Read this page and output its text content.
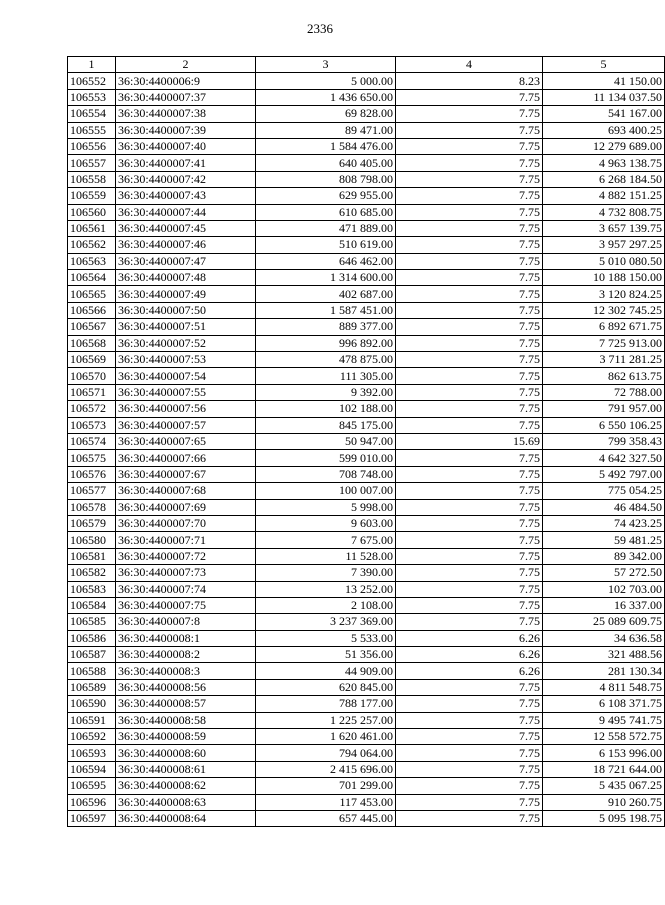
2336
1	2	3	4	5
106552	36:30:4400006:9	5 000.00	8.23	41 150.00
106553	36:30:4400007:37	1 436 650.00	7.75	11 134 037.50
106554	36:30:4400007:38	69 828.00	7.75	541 167.00
106555	36:30:4400007:39	89 471.00	7.75	693 400.25
106556	36:30:4400007:40	1 584 476.00	7.75	12 279 689.00
106557	36:30:4400007:41	640 405.00	7.75	4 963 138.75
106558	36:30:4400007:42	808 798.00	7.75	6 268 184.50
106559	36:30:4400007:43	629 955.00	7.75	4 882 151.25
106560	36:30:4400007:44	610 685.00	7.75	4 732 808.75
106561	36:30:4400007:45	471 889.00	7.75	3 657 139.75
106562	36:30:4400007:46	510 619.00	7.75	3 957 297.25
106563	36:30:4400007:47	646 462.00	7.75	5 010 080.50
106564	36:30:4400007:48	1 314 600.00	7.75	10 188 150.00
106565	36:30:4400007:49	402 687.00	7.75	3 120 824.25
106566	36:30:4400007:50	1 587 451.00	7.75	12 302 745.25
106567	36:30:4400007:51	889 377.00	7.75	6 892 671.75
106568	36:30:4400007:52	996 892.00	7.75	7 725 913.00
106569	36:30:4400007:53	478 875.00	7.75	3 711 281.25
106570	36:30:4400007:54	111 305.00	7.75	862 613.75
106571	36:30:4400007:55	9 392.00	7.75	72 788.00
106572	36:30:4400007:56	102 188.00	7.75	791 957.00
106573	36:30:4400007:57	845 175.00	7.75	6 550 106.25
106574	36:30:4400007:65	50 947.00	15.69	799 358.43
106575	36:30:4400007:66	599 010.00	7.75	4 642 327.50
106576	36:30:4400007:67	708 748.00	7.75	5 492 797.00
106577	36:30:4400007:68	100 007.00	7.75	775 054.25
106578	36:30:4400007:69	5 998.00	7.75	46 484.50
106579	36:30:4400007:70	9 603.00	7.75	74 423.25
106580	36:30:4400007:71	7 675.00	7.75	59 481.25
106581	36:30:4400007:72	11 528.00	7.75	89 342.00
106582	36:30:4400007:73	7 390.00	7.75	57 272.50
106583	36:30:4400007:74	13 252.00	7.75	102 703.00
106584	36:30:4400007:75	2 108.00	7.75	16 337.00
106585	36:30:4400007:8	3 237 369.00	7.75	25 089 609.75
106586	36:30:4400008:1	5 533.00	6.26	34 636.58
106587	36:30:4400008:2	51 356.00	6.26	321 488.56
106588	36:30:4400008:3	44 909.00	6.26	281 130.34
106589	36:30:4400008:56	620 845.00	7.75	4 811 548.75
106590	36:30:4400008:57	788 177.00	7.75	6 108 371.75
106591	36:30:4400008:58	1 225 257.00	7.75	9 495 741.75
106592	36:30:4400008:59	1 620 461.00	7.75	12 558 572.75
106593	36:30:4400008:60	794 064.00	7.75	6 153 996.00
106594	36:30:4400008:61	2 415 696.00	7.75	18 721 644.00
106595	36:30:4400008:62	701 299.00	7.75	5 435 067.25
106596	36:30:4400008:63	117 453.00	7.75	910 260.75
106597	36:30:4400008:64	657 445.00	7.75	5 095 198.75
